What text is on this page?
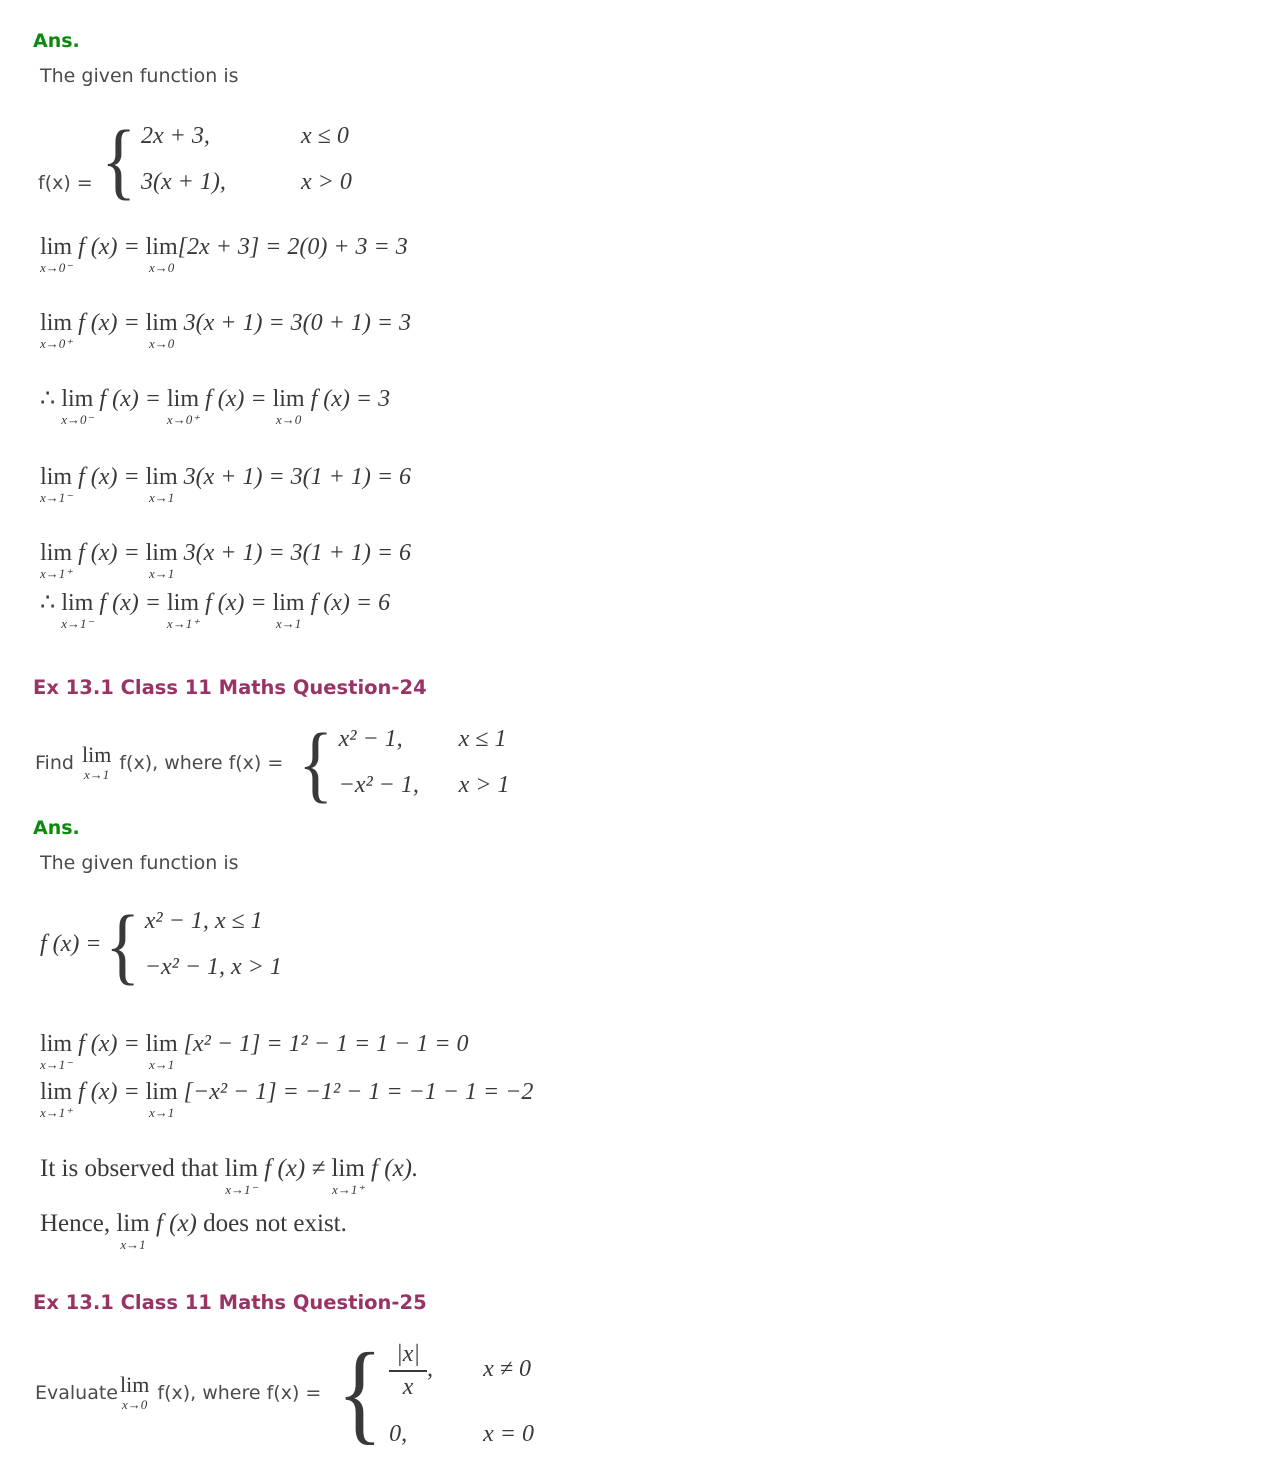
Ans.

The given function is

f(x) = { 2x + 3,	x ≤ 0
3(x + 1),	x > 0
lim
x→0⁻
f (x) = lim
x→0
[2x + 3] = 2(0) + 3 = 3
lim
x→0⁺
f (x) = lim
x→0
3(x + 1) = 3(0 + 1) = 3
∴ lim
x→0⁻
f (x) = lim
x→0⁺
f (x) = lim
x→0
f (x) = 3
lim
x→1⁻
f (x) = lim
x→1
3(x + 1) = 3(1 + 1) = 6
lim
x→1⁺
f (x) = lim
x→1
3(x + 1) = 3(1 + 1) = 6
∴ lim
x→1⁻
f (x) = lim
x→1⁺
f (x) = lim
x→1
f (x) = 6
Ex 13.1 Class 11 Maths Question-24
Find lim
x→1
f(x), where f(x) = { x² − 1, x ≤ 1
−x² − 1, x > 1
Ans.

The given function is

f (x) = { x² − 1, x ≤ 1
−x² − 1, x > 1
lim
x→1⁻
f (x) = lim
x→1
[x² − 1] = 1² − 1 = 1 − 1 = 0
lim
x→1⁺
f (x) = lim
x→1
[−x² − 1] = −1² − 1 = −1 − 1 = −2
It is observed that lim
x→1⁻
f (x) ≠ lim
x→1⁺
f (x).
Hence, lim
x→1
f (x) does not exist.
Ex 13.1 Class 11 Maths Question-25
Evaluate lim
x→0
f(x), where f(x) = { $\frac{|x|}{x}$ , x ≠ 0
0,	x = 0
